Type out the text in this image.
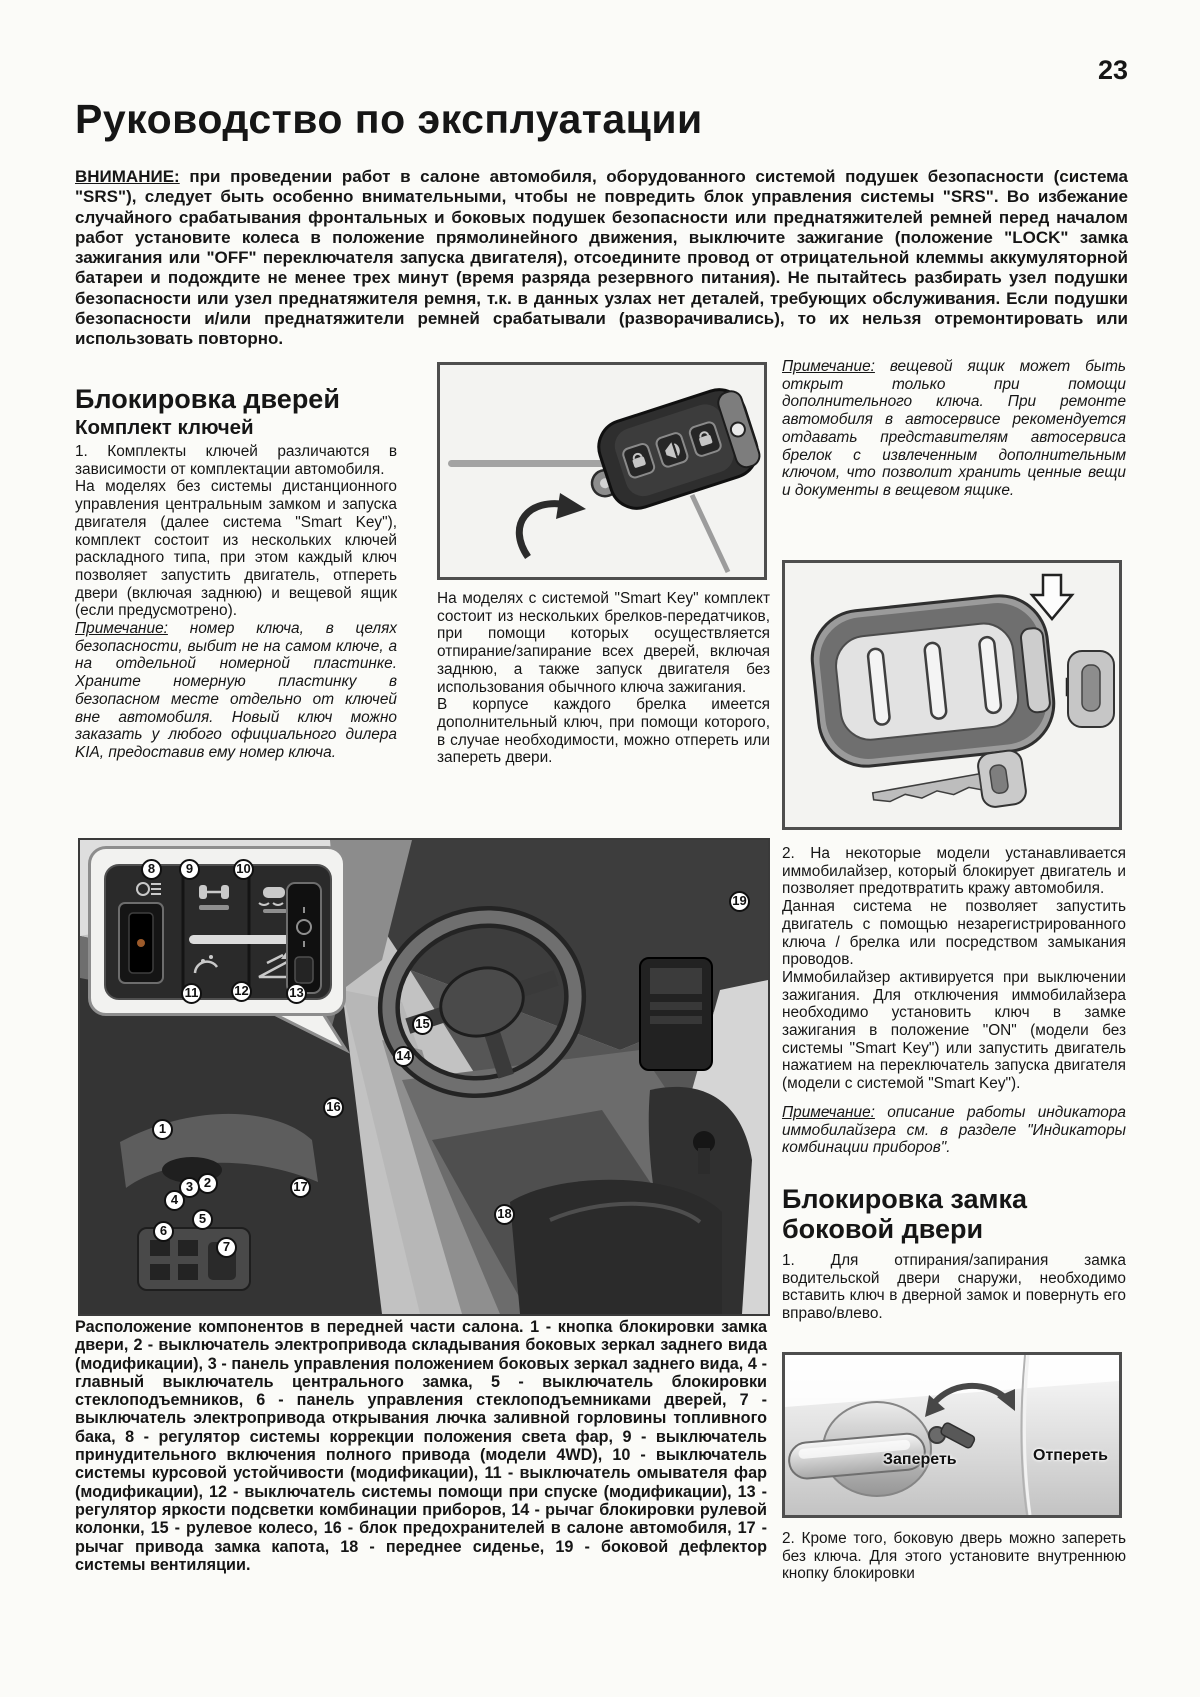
23
Руководство по эксплуатации
ВНИМАНИЕ: при проведении работ в салоне автомобиля, оборудованного системой подушек безопасности (система "SRS"), следует быть особенно внимательными, чтобы не повредить блок управления системы "SRS". Во избежание случайного срабатывания фронтальных и боковых подушек безопасности или преднатяжителей ремней перед началом работ установите колеса в положение прямолинейного движения, выключите зажигание (положение "LOCK" замка зажигания или "OFF" переключателя запуска двигателя), отсоедините провод от отрицательной клеммы аккумуляторной батареи и подождите не менее трех минут (время разряда резервного питания). Не пытайтесь разбирать узел подушки безопасности или узел преднатяжителя ремня, т.к. в данных узлах нет деталей, требующих обслуживания. Если подушки безопасности и/или преднатяжители ремней срабатывали (разворачивались), то их нельзя отремонтировать или использовать повторно.
Блокировка дверей
Комплект ключей

1. Комплекты ключей различаются в зависимости от комплектации автомобиля.

На моделях без системы дистанционного управления центральным замком и запуска двигателя (далее система "Smart Key"), комплект состоит из нескольких ключей раскладного типа, при этом каждый ключ позволяет запустить двигатель, отпереть двери (включая заднюю) и вещевой ящик (если предусмотрено).

Примечание: номер ключа, в целях безопасности, выбит не на самом ключе, а на отдельной номерной пластинке. Храните номерную пластинку в безопасном месте отдельно от ключей вне автомобиля. Новый ключ можно заказать у любого официального дилера KIA, предоставив ему номер ключа.

На моделях с системой "Smart Key" комплект состоит из нескольких брелков-передатчиков, при помощи которых осуществляется отпирание/запирание всех дверей, включая заднюю, а также запуск двигателя без использования обычного ключа зажигания.

В корпусе каждого брелка имеется дополнительный ключ, при помощи которого, в случае необходимости, можно отпереть или запереть двери.

Примечание: вещевой ящик может быть открыт только при помощи дополнительного ключа. При ремонте автомобиля в автосервисе рекомендуется отдавать представителям автосервиса брелок с извлеченным дополнительным ключом, что позволит хранить ценные вещи и документы в вещевом ящике.

2. На некоторые модели устанавливается иммобилайзер, который блокирует двигатель и позволяет предотвратить кражу автомобиля.

Данная система не позволяет запустить двигатель с помощью незарегистрированного ключа / брелка или посредством замыкания проводов.

Иммобилайзер активируется при выключении зажигания. Для отключения иммобилайзера необходимо установить ключ в замке зажигания в положение "ON" (модели без системы "Smart Key") или запустить двигатель нажатием на переключатель запуска двигателя (модели с системой "Smart Key").

Примечание: описание работы индикатора иммобилайзера см. в разделе "Индикаторы комбинации приборов".

Блокировка замка боковой двери

1. Для отпирания/запирания замка водительской двери снаружи, необходимо вставить ключ в дверной замок и повернуть его вправо/влево.

Запереть	Отпереть

2. Кроме того, боковую дверь можно запереть без ключа. Для этого установите внутреннюю кнопку блокировки

8	9	10
11	12	13
19
15
14
16
1
2
3
4
5
6
7
17
18
Расположение компонентов в передней части салона. 1 - кнопка блокировки замка двери, 2 - выключатель электропривода складывания боковых зеркал заднего вида (модификации), 3 - панель управления положением боковых зеркал заднего вида, 4 - главный выключатель центрального замка, 5 - выключатель блокировки стеклоподъемников, 6 - панель управления стеклоподъемниками дверей, 7 - выключатель электропривода открывания лючка заливной горловины топливного бака, 8 - регулятор системы коррекции положения света фар, 9 - выключатель принудительного включения полного привода (модели 4WD), 10 - выключатель системы курсовой устойчивости (модификации), 11 - выключатель омывателя фар (модификации), 12 - выключатель системы помощи при спуске (модификации), 13 - регулятор яркости подсветки комбинации приборов, 14 - рычаг блокировки рулевой колонки, 15 - рулевое колесо, 16 - блок предохранителей в салоне автомобиля, 17 - рычаг привода замка капота, 18 - переднее сиденье, 19 - боковой дефлектор системы вентиляции.
